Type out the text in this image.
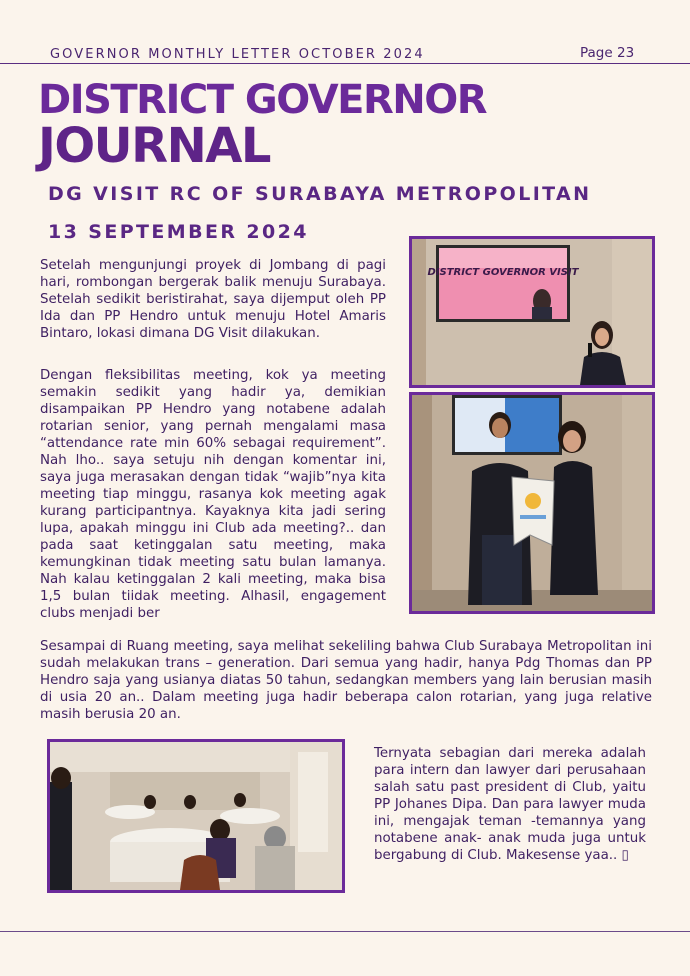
GOVERNOR MONTHLY LETTER OCTOBER 2024	Page 23
DISTRICT GOVERNOR
JOURNAL
DG VISIT RC OF SURABAYA METROPOLITAN
13 SEPTEMBER 2024

Setelah mengunjungi proyek di Jombang di pagi hari, rombongan bergerak balik menuju Surabaya. Setelah sedikit beristirahat, saya dijemput oleh PP Ida dan PP Hendro untuk menuju Hotel Amaris Bintaro, lokasi dimana DG Visit dilakukan.

Dengan fleksibilitas meeting, kok ya meeting semakin sedikit yang hadir ya, demikian disampaikan PP Hendro yang notabene adalah rotarian senior, yang pernah mengalami masa “attendance rate min 60% sebagai requirement”. Nah lho.. saya setuju nih dengan komentar ini, saya juga merasakan dengan tidak “wajib”nya kita meeting tiap minggu, rasanya kok meeting agak kurang participantnya. Kayaknya kita jadi sering lupa, apakah minggu ini Club ada meeting?.. dan pada saat ketinggalan satu meeting, maka kemungkinan tidak meeting satu bulan lamanya. Nah kalau ketinggalan 2 kali meeting, maka bisa 1,5 bulan tiidak meeting. Alhasil, engagement clubs menjadi ber

Sesampai di Ruang meeting, saya melihat sekeliling bahwa Club Surabaya Metropolitan ini sudah melakukan trans – generation. Dari semua yang hadir, hanya Pdg Thomas dan PP Hendro saja yang usianya diatas 50 tahun, sedangkan members yang lain berusian masih di usia 20 an.. Dalam meeting juga hadir beberapa calon rotarian, yang juga relative masih berusia 20 an.

Ternyata sebagian dari mereka adalah para intern dan lawyer dari perusahaan salah satu past president di Club, yaitu PP Johanes Dipa. Dan para lawyer muda ini, mengajak teman -temannya yang notabene anak- anak muda juga untuk bergabung di Club. Makesense yaa.. ▯

DISTRICT GOVERNOR VISIT
